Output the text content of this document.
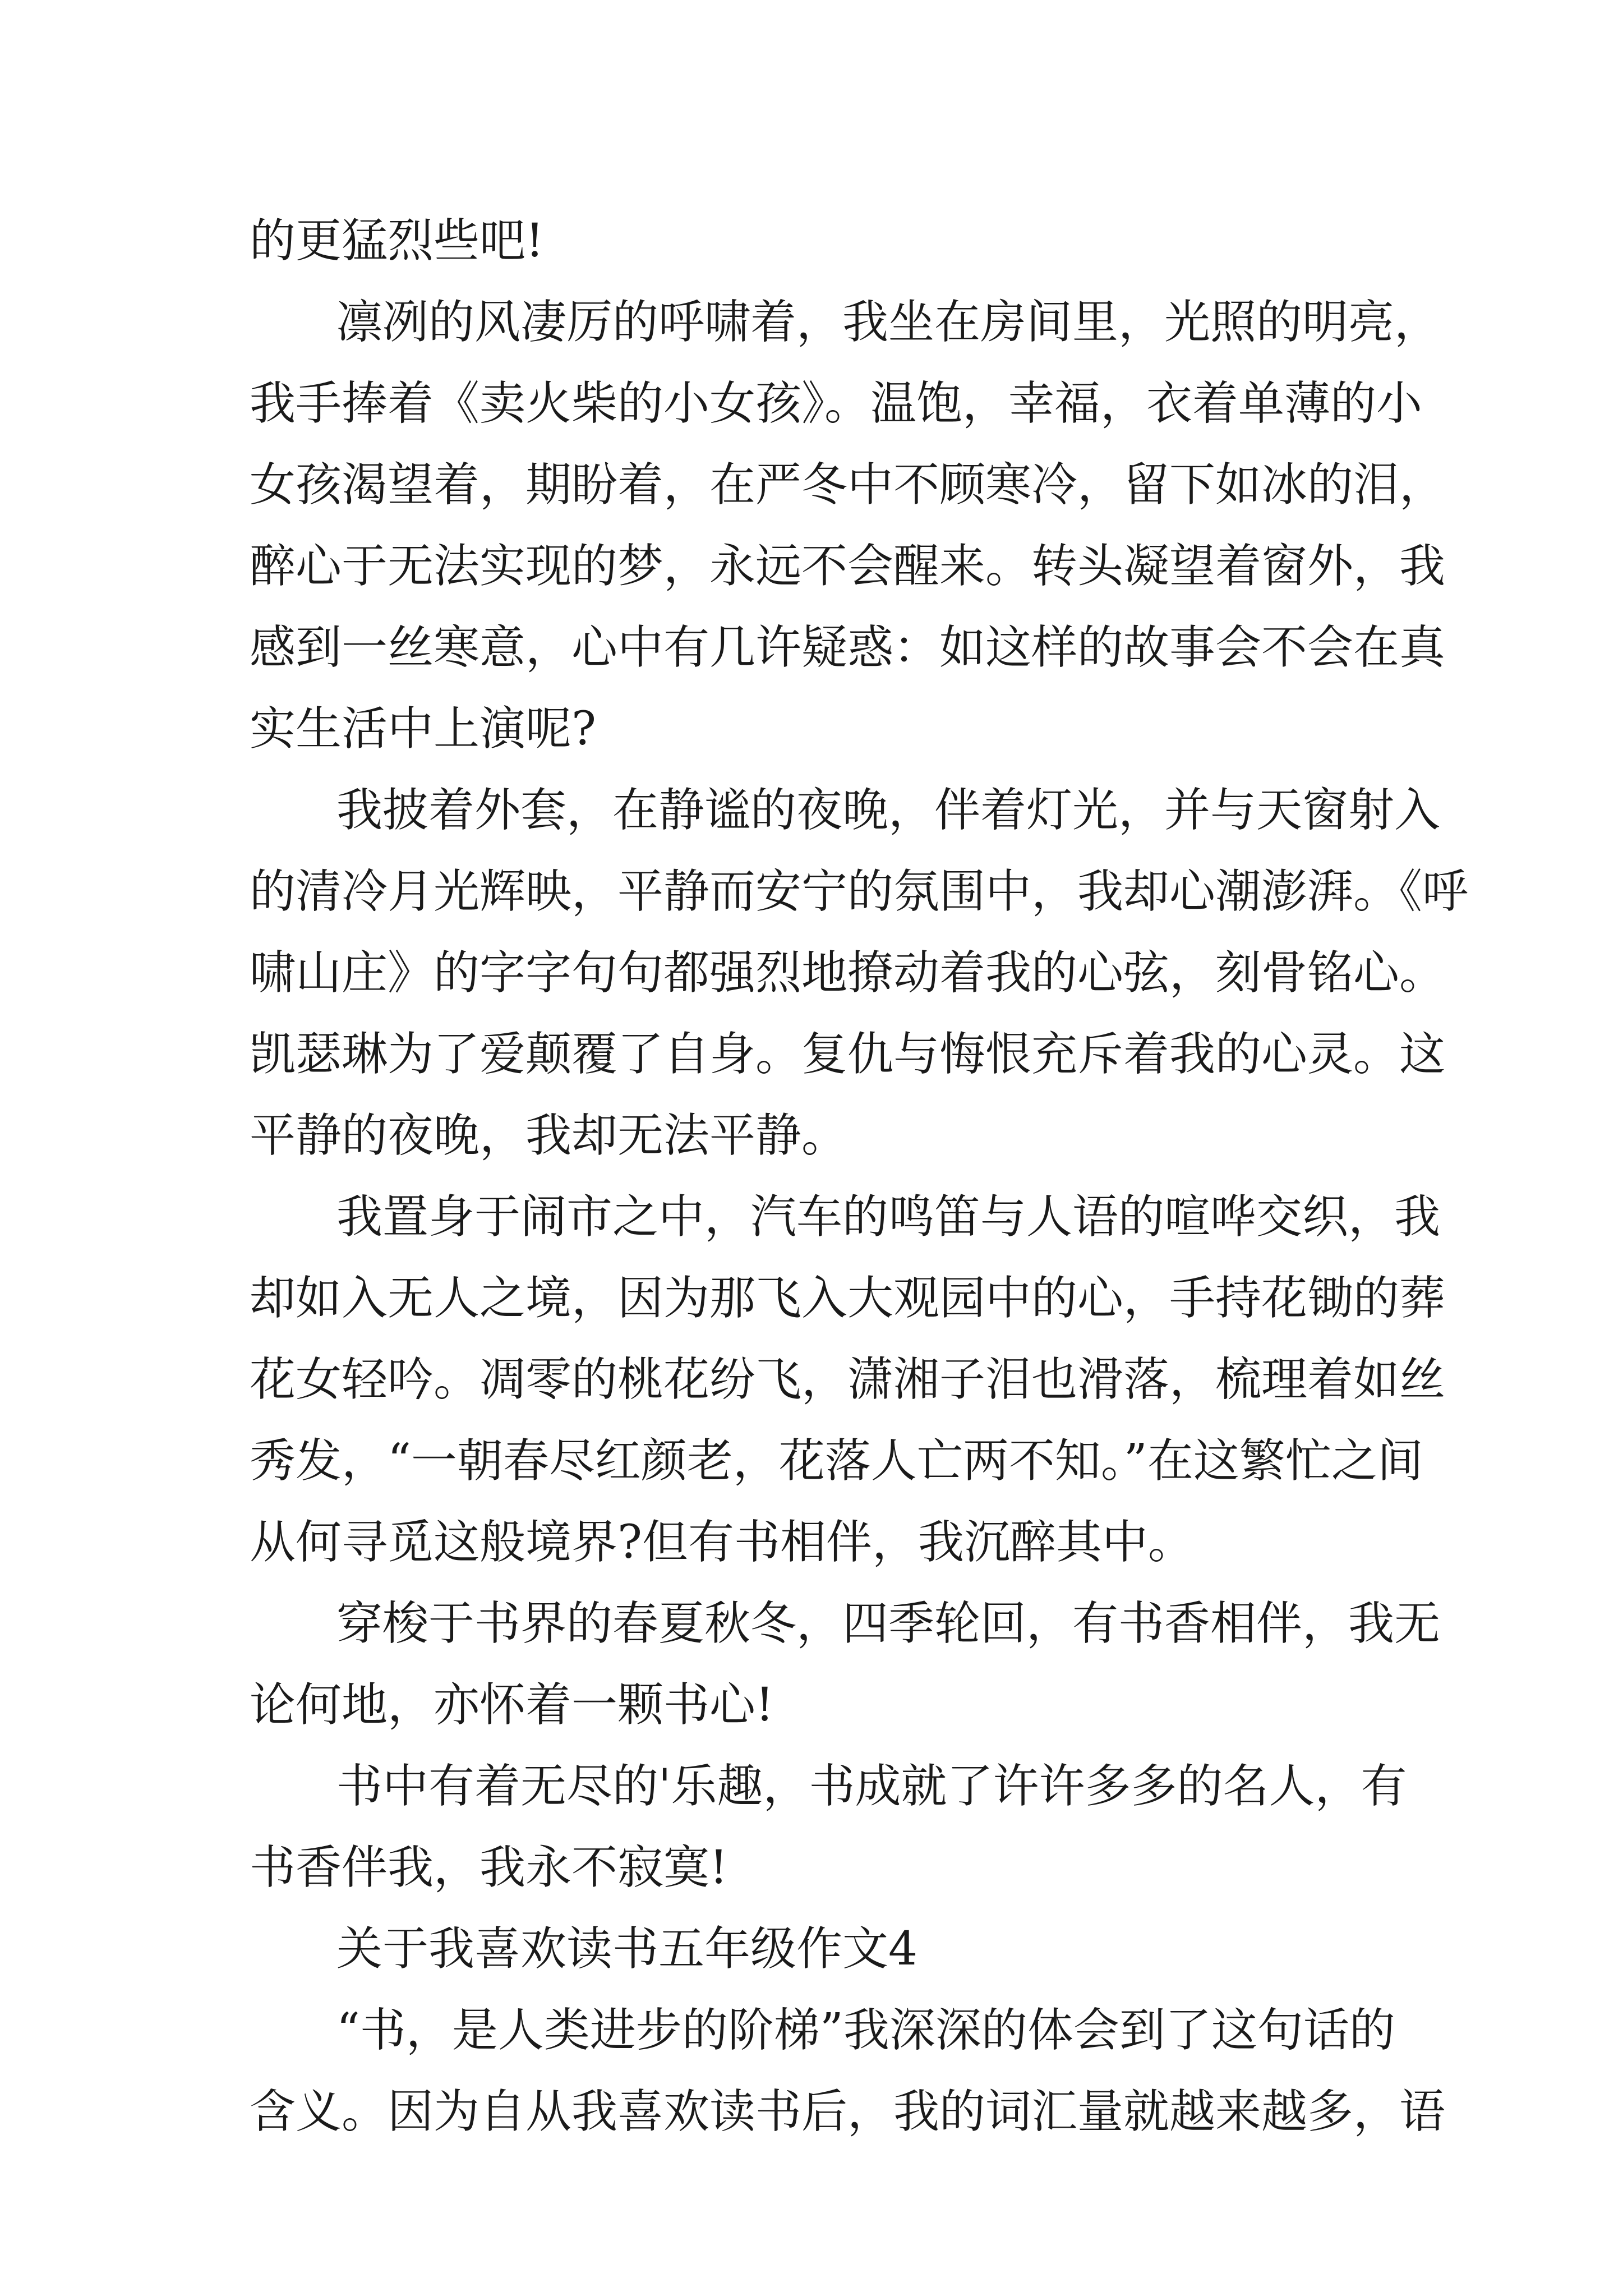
的更猛烈些吧!
凛冽的风凄厉的呼啸着，我坐在房间里，光照的明亮，
我手捧着《卖火柴的小女孩》。温饱，幸福，衣着单薄的小
女孩渴望着，期盼着，在严冬中不顾寒冷，留下如冰的泪，
醉心于无法实现的梦，永远不会醒来。转头凝望着窗外，我
感到一丝寒意，心中有几许疑惑：如这样的故事会不会在真
实生活中上演呢?
我披着外套，在静谧的夜晚，伴着灯光，并与天窗射入
的清冷月光辉映，平静而安宁的氛围中，我却心潮澎湃。《呼
啸山庄》的字字句句都强烈地撩动着我的心弦，刻骨铭心。
凯瑟琳为了爱颠覆了自身。复仇与悔恨充斥着我的心灵。这
平静的夜晚，我却无法平静。
我置身于闹市之中，汽车的鸣笛与人语的喧哗交织，我
却如入无人之境，因为那飞入大观园中的心，手持花锄的葬
花女轻吟。凋零的桃花纷飞，潇湘子泪也滑落，梳理着如丝
秀发，“一朝春尽红颜老，花落人亡两不知。”在这繁忙之间
从何寻觅这般境界?但有书相伴，我沉醉其中。
穿梭于书界的春夏秋冬，四季轮回，有书香相伴，我无
论何地，亦怀着一颗书心!
书中有着无尽的'乐趣，书成就了许许多多的名人，有
书香伴我，我永不寂寞!
关于我喜欢读书五年级作文4
“书，是人类进步的阶梯”我深深的体会到了这句话的
含义。因为自从我喜欢读书后，我的词汇量就越来越多，语
